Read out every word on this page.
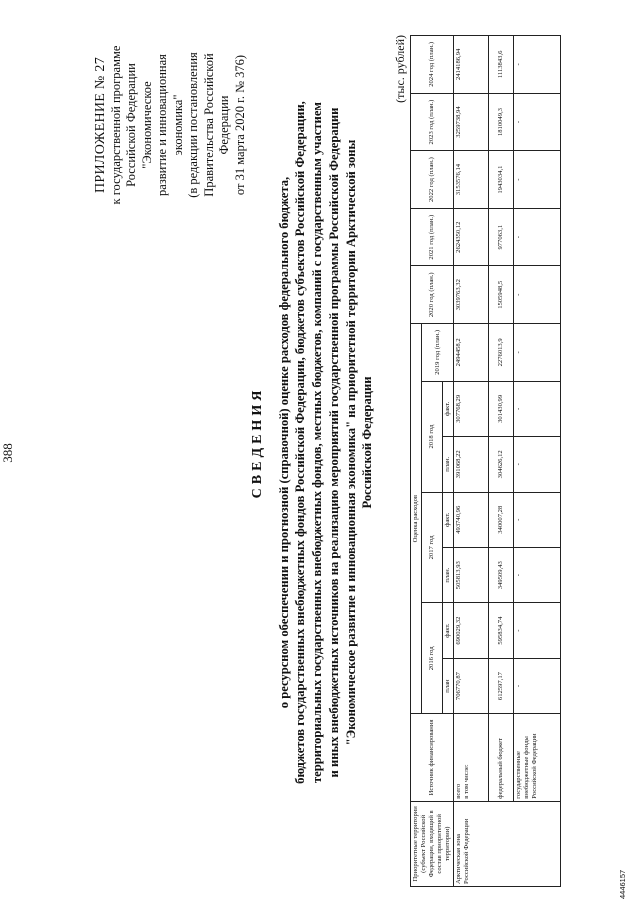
388
ПРИЛОЖЕНИЕ № 27 к государственной программе Российской Федерации "Экономическое развитие и инновационная экономика" (в редакции постановления Правительства Российской Федерации от 31 марта 2020 г. № 376)
СВЕДЕНИЯ о ресурсном обеспечении и прогнозной (справочной) оценке расходов федерального бюджета, бюджетов государственных внебюджетных фондов Российской Федерации, бюджетов субъектов Российской Федерации, территориальных государственных внебюджетных фондов, местных бюджетов, компаний с государственным участием и иных внебюджетных источников на реализацию мероприятий государственной программы Российской Федерации "Экономическое развитие и инновационная экономика" на приоритетной территории Арктической зоны Российской Федерации
(тыс. рублей)
Приоритетные территории (субъект Российской Федерации, входящий в состав приоритетной территории)	Источник финансирования	Оценка расходов							2020 год (план.)	2021 год (план.)	2022 год (план.)	2023 год (план.)	2024 год (план.)
		2016 год		2017 год		2018 год		2019 год (план.)					
		план	факт.	план.	факт.	план.	факт.						
Арктическая зона Российской Федерации	всего в том числе:	706770,87	690029,32	505813,93	493740,96	391068,22	307768,29	2494458,2	3039763,32	2624350,12	3153576,14	3259738,94	2414186,94
	федеральный бюджет	612597,17	595834,74	349509,43	340007,28	304626,12	301430,99	2276013,9	1505948,5	977063,1	1943034,1	1810049,3	1113843,6
	государственные внебюджетные фонды Российской Федерации	-	-	-	-	-	-	-	-	-	-	-	-
4446157
